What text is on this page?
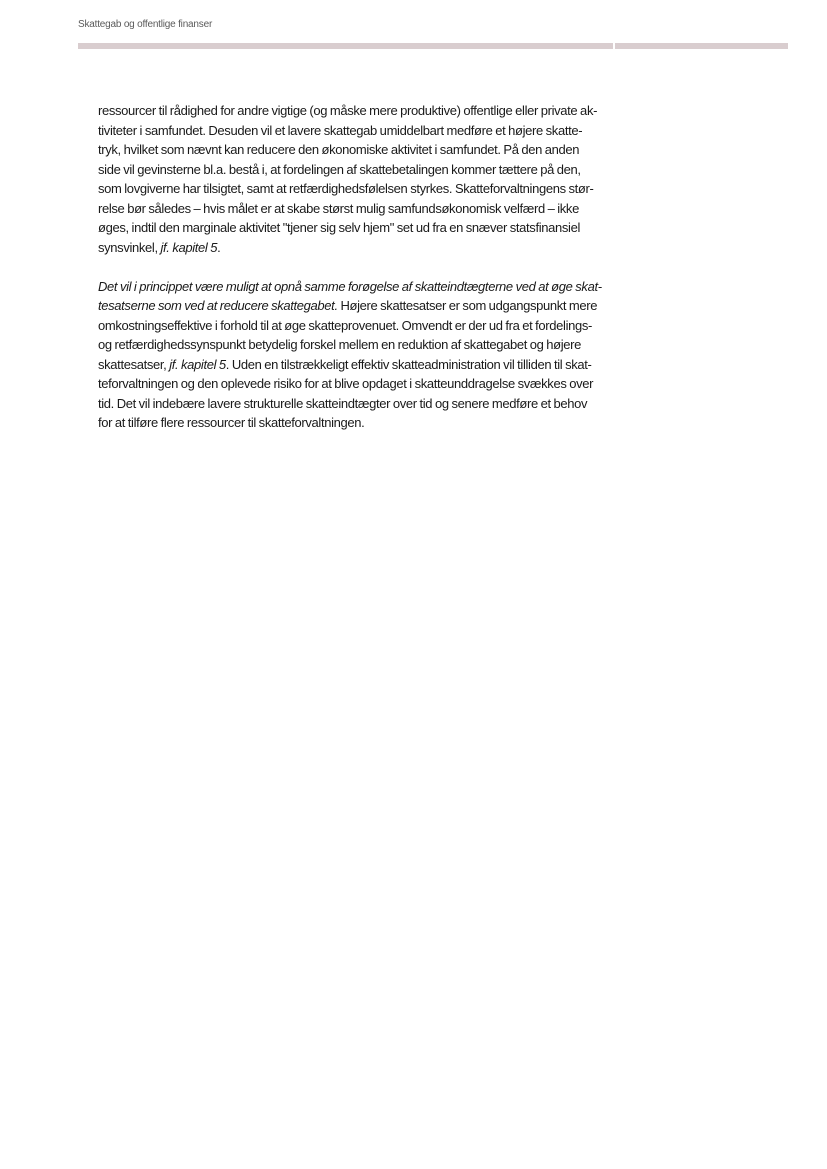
Skattegab og offentlige finanser
ressourcer til rådighed for andre vigtige (og måske mere produktive) offentlige eller private ak-
tiviteter i samfundet. Desuden vil et lavere skattegab umiddelbart medføre et højere skatte-
tryk, hvilket som nævnt kan reducere den økonomiske aktivitet i samfundet. På den anden
side vil gevinsterne bl.a. bestå i, at fordelingen af skattebetalingen kommer tættere på den,
som lovgiverne har tilsigtet, samt at retfærdighedsfølelsen styrkes. Skatteforvaltningens stør-
relse bør således – hvis målet er at skabe størst mulig samfundsøkonomisk velfærd – ikke
øges, indtil den marginale aktivitet "tjener sig selv hjem" set ud fra en snæver statsfinansiel
synsvinkel, jf. kapitel 5.
Det vil i princippet være muligt at opnå samme forøgelse af skatteindtægterne ved at øge skat-
tesatserne som ved at reducere skattegabet. Højere skattesatser er som udgangspunkt mere
omkostningseffektive i forhold til at øge skatteprovenuet. Omvendt er der ud fra et fordelings-
og retfærdighedssynspunkt betydelig forskel mellem en reduktion af skattegabet og højere
skattesatser, jf. kapitel 5. Uden en tilstrækkeligt effektiv skatteadministration vil tilliden til skat-
teforvaltningen og den oplevede risiko for at blive opdaget i skatteunddragelse svækkes over
tid. Det vil indebære lavere strukturelle skatteindtægter over tid og senere medføre et behov
for at tilføre flere ressourcer til skatteforvaltningen.
